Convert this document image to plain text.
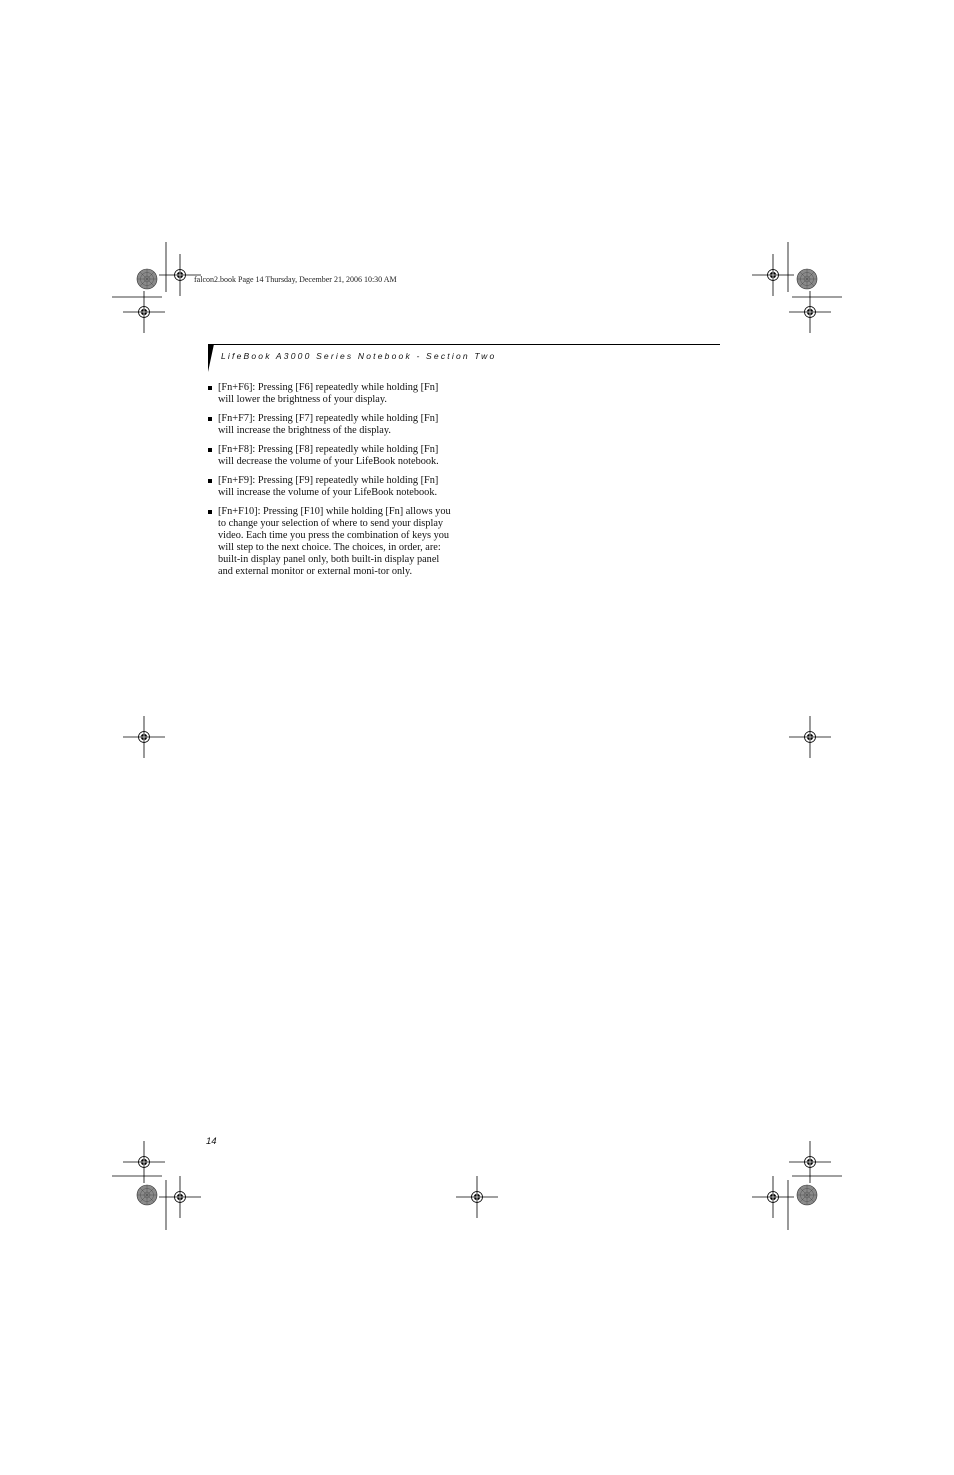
falcon2.book Page 14 Thursday, December 21, 2006 10:30 AM
LifeBook A3000 Series Notebook - Section Two
[Fn+F6]: Pressing [F6] repeatedly while holding [Fn] will lower the brightness of your display.
[Fn+F7]: Pressing [F7] repeatedly while holding [Fn] will increase the brightness of the display.
[Fn+F8]: Pressing [F8] repeatedly while holding [Fn] will decrease the volume of your LifeBook notebook.
[Fn+F9]: Pressing [F9] repeatedly while holding [Fn] will increase the volume of your LifeBook notebook.
[Fn+F10]: Pressing [F10] while holding [Fn] allows you to change your selection of where to send your display video. Each time you press the combination of keys you will step to the next choice. The choices, in order, are: built-in display panel only, both built-in display panel and external monitor or external moni-tor only.
14
